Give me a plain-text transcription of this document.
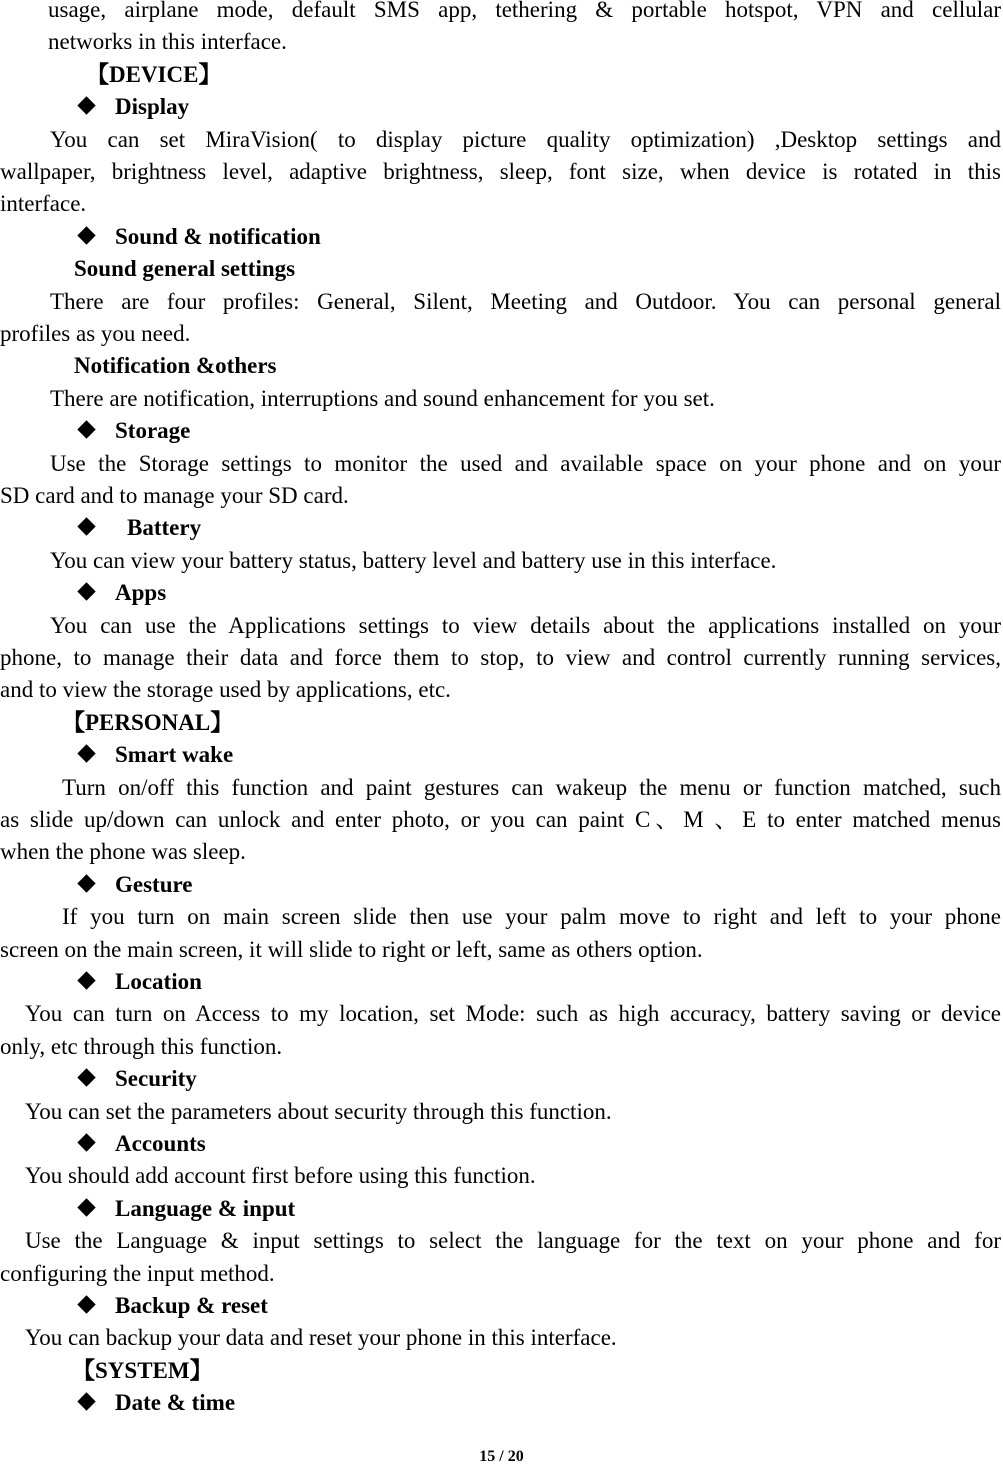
usage, airplane mode, default SMS app, tethering & portable hotspot, VPN and cellular
networks in this interface.
【DEVICE】
Display
You can set MiraVision( to display picture quality optimization) ,Desktop settings and
wallpaper, brightness level, adaptive brightness, sleep, font size, when device is rotated in this
interface.
Sound & notification
Sound general settings
There are four profiles: General, Silent, Meeting and Outdoor. You can personal general
profiles as you need.
Notification &others
There are notification, interruptions and sound enhancement for you set.
Storage
Use the Storage settings to monitor the used and available space on your phone and on your
SD card and to manage your SD card.
Battery
You can view your battery status, battery level and battery use in this interface.
Apps
You can use the Applications settings to view details about the applications installed on your
phone, to manage their data and force them to stop, to view and control currently running services,
and to view the storage used by applications, etc.
【PERSONAL】
Smart wake
Turn on/off this function and paint gestures can wakeup the menu or function matched, such
as slide up/down can unlock and enter photo, or you can paint C、M 、E to enter matched menus
when the phone was sleep.
Gesture
If you turn on main screen slide then use your palm move to right and left to your phone
screen on the main screen, it will slide to right or left, same as others option.
Location
You can turn on Access to my location, set Mode: such as high accuracy, battery saving or device
only, etc through this function.
Security
You can set the parameters about security through this function.
Accounts
You should add account first before using this function.
Language & input
Use the Language & input settings to select the language for the text on your phone and for
configuring the input method.
Backup & reset
You can backup your data and reset your phone in this interface.
【SYSTEM】
Date & time
15 / 20
